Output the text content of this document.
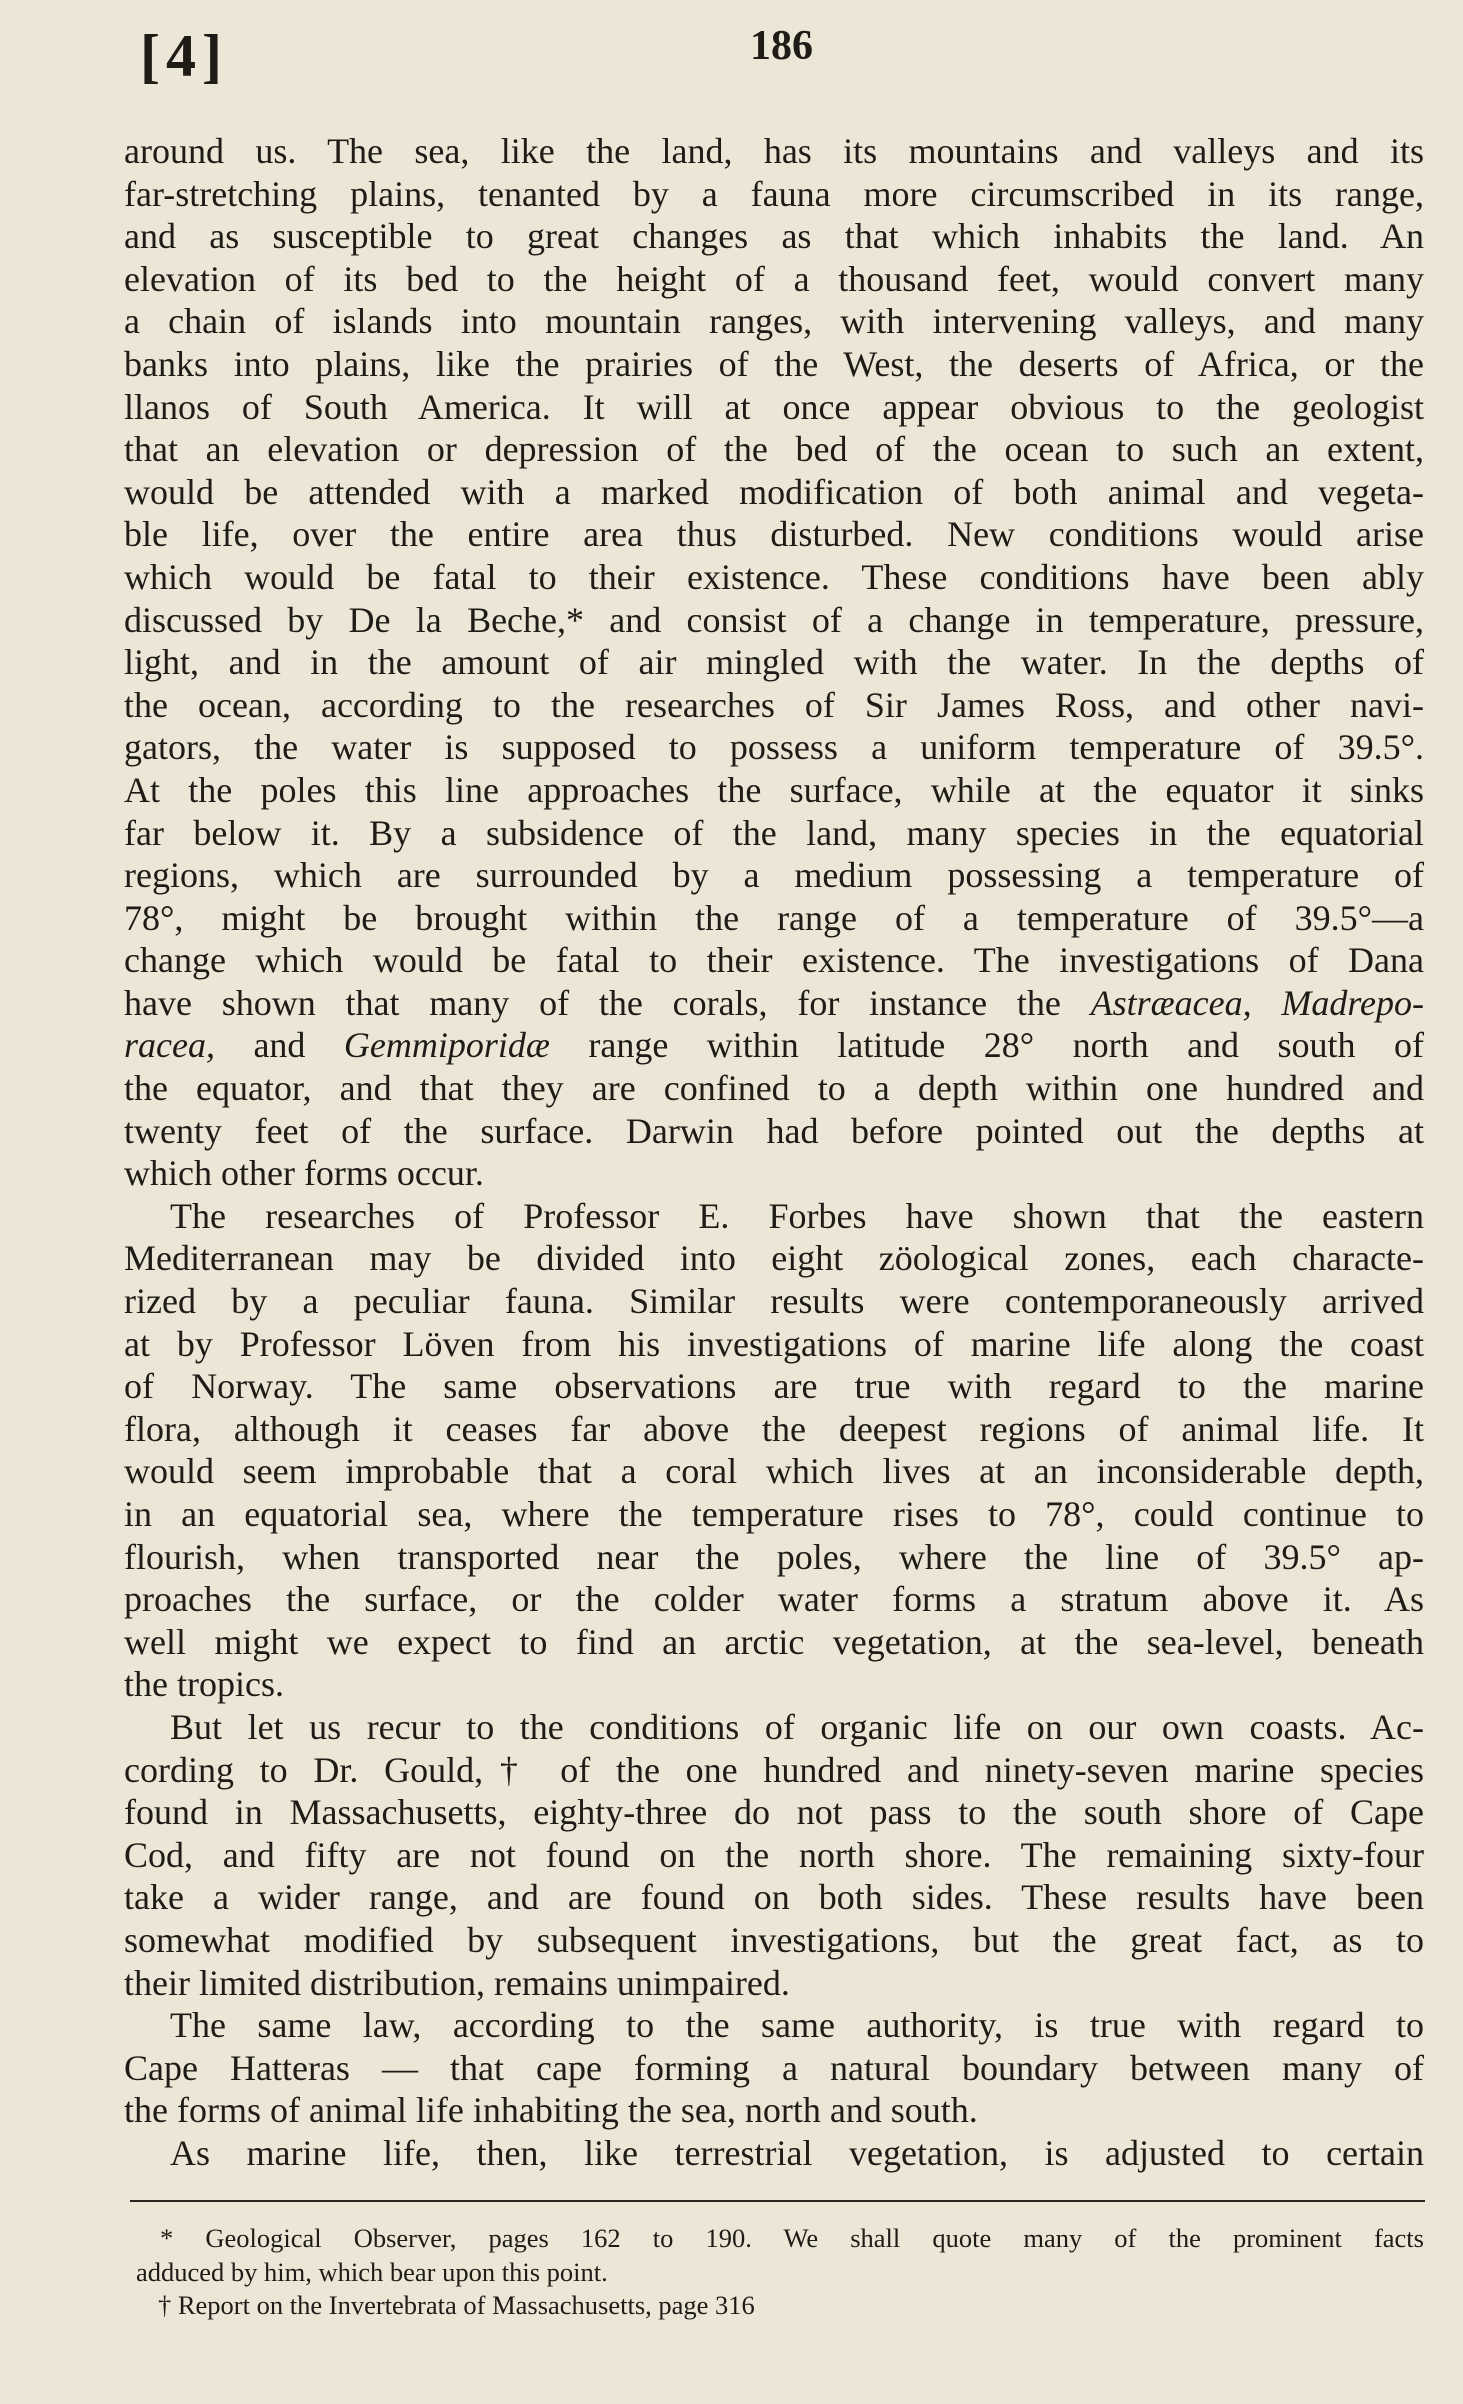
[4]	186
around us. The sea, like the land, has its mountains and valleys and its
far-stretching plains, tenanted by a fauna more circumscribed in its range,
and as susceptible to great changes as that which inhabits the land. An
elevation of its bed to the height of a thousand feet, would convert many
a chain of islands into mountain ranges, with intervening valleys, and many
banks into plains, like the prairies of the West, the deserts of Africa, or the
llanos of South America. It will at once appear obvious to the geologist
that an elevation or depression of the bed of the ocean to such an extent,
would be attended with a marked modification of both animal and vegeta-
ble life, over the entire area thus disturbed. New conditions would arise
which would be fatal to their existence. These conditions have been ably
discussed by De la Beche,* and consist of a change in temperature, pressure,
light, and in the amount of air mingled with the water. In the depths of
the ocean, according to the researches of Sir James Ross, and other navi-
gators, the water is supposed to possess a uniform temperature of 39.5°.
At the poles this line approaches the surface, while at the equator it sinks
far below it. By a subsidence of the land, many species in the equatorial
regions, which are surrounded by a medium possessing a temperature of
78°, might be brought within the range of a temperature of 39.5°—a
change which would be fatal to their existence. The investigations of Dana
have shown that many of the corals, for instance the Astræacea, Madrepo-
racea, and Gemmiporidæ range within latitude 28° north and south of
the equator, and that they are confined to a depth within one hundred and
twenty feet of the surface. Darwin had before pointed out the depths at
which other forms occur.
The researches of Professor E. Forbes have shown that the eastern
Mediterranean may be divided into eight zöological zones, each characte-
rized by a peculiar fauna. Similar results were contemporaneously arrived
at by Professor Löven from his investigations of marine life along the coast
of Norway. The same observations are true with regard to the marine
flora, although it ceases far above the deepest regions of animal life. It
would seem improbable that a coral which lives at an inconsiderable depth,
in an equatorial sea, where the temperature rises to 78°, could continue to
flourish, when transported near the poles, where the line of 39.5° ap-
proaches the surface, or the colder water forms a stratum above it. As
well might we expect to find an arctic vegetation, at the sea-level, beneath
the tropics.
But let us recur to the conditions of organic life on our own coasts. Ac-
cording to Dr. Gould,† of the one hundred and ninety-seven marine species
found in Massachusetts, eighty-three do not pass to the south shore of Cape
Cod, and fifty are not found on the north shore. The remaining sixty-four
take a wider range, and are found on both sides. These results have been
somewhat modified by subsequent investigations, but the great fact, as to
their limited distribution, remains unimpaired.
The same law, according to the same authority, is true with regard to
Cape Hatteras — that cape forming a natural boundary between many of
the forms of animal life inhabiting the sea, north and south.
As marine life, then, like terrestrial vegetation, is adjusted to certain
* Geological Observer, pages 162 to 190. We shall quote many of the prominent facts
adduced by him, which bear upon this point.
† Report on the Invertebrata of Massachusetts, page 316
